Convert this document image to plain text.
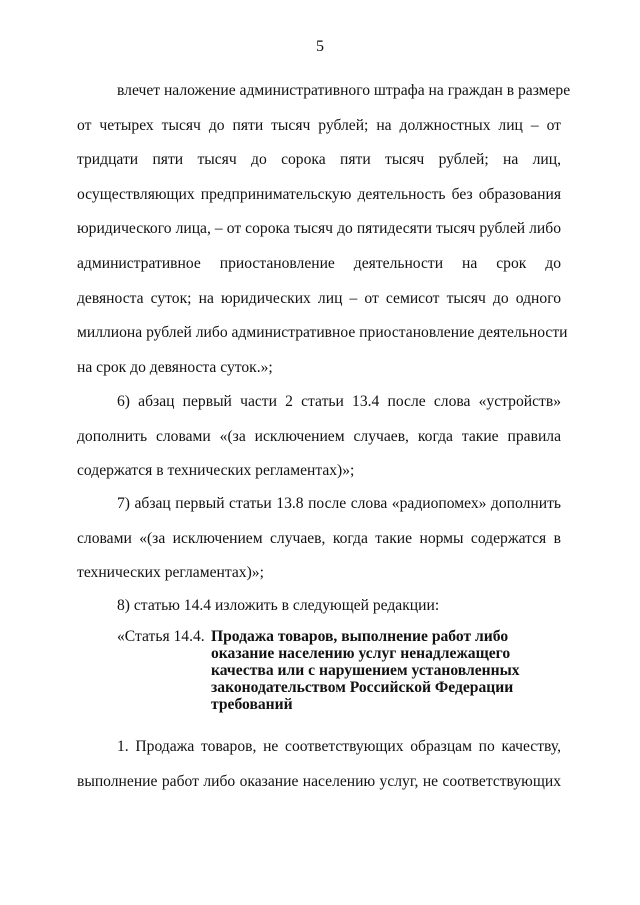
5
влечет наложение административного штрафа на граждан в размере
от четырех тысяч до пяти тысяч рублей; на должностных лиц – от
тридцати пяти тысяч до сорока пяти тысяч рублей; на лиц,
осуществляющих предпринимательскую деятельность без образования
юридического лица, – от сорока тысяч до пятидесяти тысяч рублей либо
административное приостановление деятельности на срок до
девяноста суток; на юридических лиц – от семисот тысяч до одного
миллиона рублей либо административное приостановление деятельности
на срок до девяноста суток.»;
6) абзац первый части 2 статьи 13.4 после слова «устройств»
дополнить словами «(за исключением случаев, когда такие правила
содержатся в технических регламентах)»;
7) абзац первый статьи 13.8 после слова «радиопомех» дополнить
словами «(за исключением случаев, когда такие нормы содержатся в
технических регламентах)»;
8) статью 14.4 изложить в следующей редакции:
«Статья 14.4. Продажа товаров, выполнение работ либо
оказание населению услуг ненадлежащего
качества или с нарушением установленных
законодательством Российской Федерации
требований
1. Продажа товаров, не соответствующих образцам по качеству,
выполнение работ либо оказание населению услуг, не соответствующих
